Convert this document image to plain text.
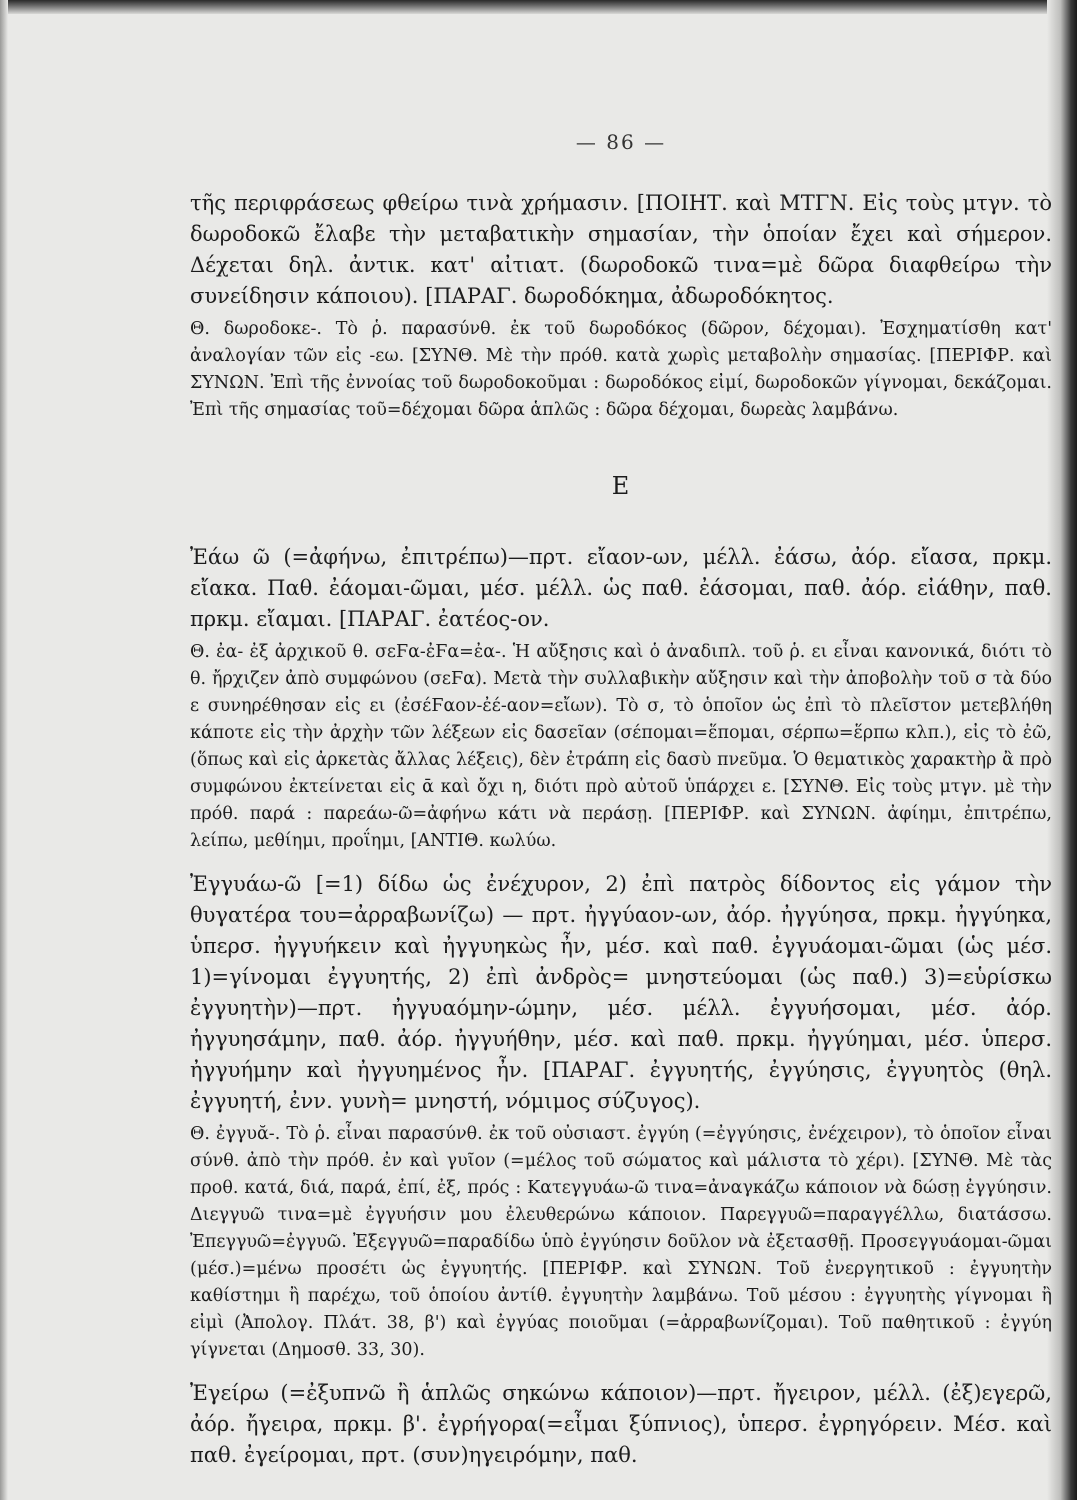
— 86 —

τῆς περιφράσεως φθείρω τινὰ χρήμασιν. [ΠΟΙΗΤ. καὶ ΜΤΓΝ. Εἰς τοὺς μτγν. τὸ δωροδοκῶ ἔλαβε τὴν μεταβατικὴν σημασίαν, τὴν ὁποίαν ἔχει καὶ σήμερον. Δέχεται δηλ. ἀντικ. κατ' αἰτιατ. (δωροδοκῶ τινα=μὲ δῶρα διαφθείρω τὴν συνείδησιν κάποιου). [ΠΑΡΑΓ. δωροδόκημα, ἀδωροδόκητος.

Θ. δωροδοκε-. Τὸ ῥ. παρασύνθ. ἐκ τοῦ δωροδόκος (δῶρον, δέχομαι). Ἐσχηματίσθη κατ' ἀναλογίαν τῶν εἰς -εω. [ΣΥΝΘ. Μὲ τὴν πρόθ. κατὰ χωρὶς μεταβολὴν σημασίας. [ΠΕΡΙΦΡ. καὶ ΣΥΝΩΝ. Ἐπὶ τῆς ἐννοίας τοῦ δωροδοκοῦμαι : δωροδόκος εἰμί, δωροδοκῶν γίγνομαι, δεκάζομαι. Ἐπὶ τῆς σημασίας τοῦ=δέχομαι δῶρα ἁπλῶς : δῶρα δέχομαι, δωρεὰς λαμβάνω.

Ε

Ἐάω ῶ (=ἀφήνω, ἐπιτρέπω)—πρτ. εἴαον-ων, μέλλ. ἐάσω, ἀόρ. εἴασα, πρκμ. εἴακα. Παθ. ἐάομαι-ῶμαι, μέσ. μέλλ. ὡς παθ. ἐάσομαι, παθ. ἀόρ. εἰάθην, παθ. πρκμ. εἴαμαι. [ΠΑΡΑΓ. ἐατέος-ον.

Θ. ἐα- ἐξ ἀρχικοῦ θ. σεϜα-ἐϜα=ἐα-. Ἡ αὔξησις καὶ ὁ ἀναδιπλ. τοῦ ῥ. ει εἶναι κανονικά, διότι τὸ θ. ἤρχιζεν ἀπὸ συμφώνου (σεϜα). Μετὰ τὴν συλλαβικὴν αὔξησιν καὶ τὴν ἀποβολὴν τοῦ σ τὰ δύο ε συνηρέθησαν εἰς ει (ἐσέϜαον-ἐέ-αον=εἴων). Τὸ σ, τὸ ὁποῖον ὡς ἐπὶ τὸ πλεῖστον μετεβλήθη κάποτε εἰς τὴν ἀρχὴν τῶν λέξεων εἰς δασεῖαν (σέπομαι=ἕπομαι, σέρπω=ἕρπω κλπ.), εἰς τὸ ἐῶ, (ὅπως καὶ εἰς ἀρκετὰς ἄλλας λέξεις), δὲν ἐτράπη εἰς δασὺ πνεῦμα. Ὁ θεματικὸς χαρακτὴρ ἂ πρὸ συμφώνου ἐκτείνεται εἰς ᾱ καὶ ὄχι η, διότι πρὸ αὐτοῦ ὑπάρχει ε. [ΣΥΝΘ. Εἰς τοὺς μτγν. μὲ τὴν πρόθ. παρά : παρεάω-ῶ=ἀφήνω κάτι νὰ περάσῃ. [ΠΕΡΙΦΡ. καὶ ΣΥΝΩΝ. ἀφίημι, ἐπιτρέπω, λείπω, μεθίημι, προΐημι, [ΑΝΤΙΘ. κωλύω.

Ἐγγυάω-ῶ [=1) δίδω ὡς ἐνέχυρον, 2) ἐπὶ πατρὸς δίδοντος εἰς γάμον τὴν θυγατέρα του=ἀρραβωνίζω) — πρτ. ἠγγύαον-ων, ἀόρ. ἠγγύησα, πρκμ. ἠγγύηκα, ὑπερσ. ἠγγυήκειν καὶ ἠγγυηκὼς ἦν, μέσ. καὶ παθ. ἐγγυάομαι-ῶμαι (ὡς μέσ. 1)=γίνομαι ἐγγυητής, 2) ἐπὶ ἀνδρὸς= μνηστεύομαι (ὡς παθ.) 3)=εὑρίσκω ἐγγυητὴν)—πρτ. ἠγγυαόμην-ώμην, μέσ. μέλλ. ἐγγυήσομαι, μέσ. ἀόρ. ἠγγυησάμην, παθ. ἀόρ. ἠγγυήθην, μέσ. καὶ παθ. πρκμ. ἠγγύημαι, μέσ. ὑπερσ. ἠγγυήμην καὶ ἠγγυημένος ἦν. [ΠΑΡΑΓ. ἐγγυητής, ἐγγύησις, ἐγγυητὸς (θηλ. ἐγγυητή, ἐνν. γυνὴ= μνηστή, νόμιμος σύζυγος).

Θ. ἐγγυᾰ-. Τὸ ῥ. εἶναι παρασύνθ. ἐκ τοῦ οὐσιαστ. ἐγγύη (=ἐγγύησις, ἐνέχειρον), τὸ ὁποῖον εἶναι σύνθ. ἀπὸ τὴν πρόθ. ἐν καὶ γυῖον (=μέλος τοῦ σώματος καὶ μάλιστα τὸ χέρι). [ΣΥΝΘ. Μὲ τὰς προθ. κατά, διά, παρά, ἐπί, ἐξ, πρός : Κατεγγυάω-ῶ τινα=ἀναγκάζω κάποιον νὰ δώσῃ ἐγγύησιν. Διεγγυῶ τινα=μὲ ἐγγυήσιν μου ἐλευθερώνω κάποιον. Παρεγγυῶ=παραγγέλλω, διατάσσω. Ἐπεγγυῶ=ἐγγυῶ. Ἐξεγγυῶ=παραδίδω ὑπὸ ἐγγύησιν δοῦλον νὰ ἐξετασθῇ. Προσεγγυάομαι-ῶμαι (μέσ.)=μένω προσέτι ὡς ἐγγυητής. [ΠΕΡΙΦΡ. καὶ ΣΥΝΩΝ. Τοῦ ἐνεργητικοῦ : ἐγγυητὴν καθίστημι ἢ παρέχω, τοῦ ὁποίου ἀντίθ. ἐγγυητὴν λαμβάνω. Τοῦ μέσου : ἐγγυητὴς γίγνομαι ἢ εἰμὶ (Ἀπολογ. Πλάτ. 38, β') καὶ ἐγγύας ποιοῦμαι (=ἀρραβωνίζομαι). Τοῦ παθητικοῦ : ἐγγύη γίγνεται (Δημοσθ. 33, 30).

Ἐγείρω (=ἐξυπνῶ ἢ ἁπλῶς σηκώνω κάποιον)—πρτ. ἤγειρον, μέλλ. (ἐξ)εγερῶ, ἀόρ. ἤγειρα, πρκμ. β'. ἐγρήγορα(=εἶμαι ξύπνιος), ὑπερσ. ἐγρηγόρειν. Μέσ. καὶ παθ. ἐγείρομαι, πρτ. (συν)ηγειρόμην, παθ.
